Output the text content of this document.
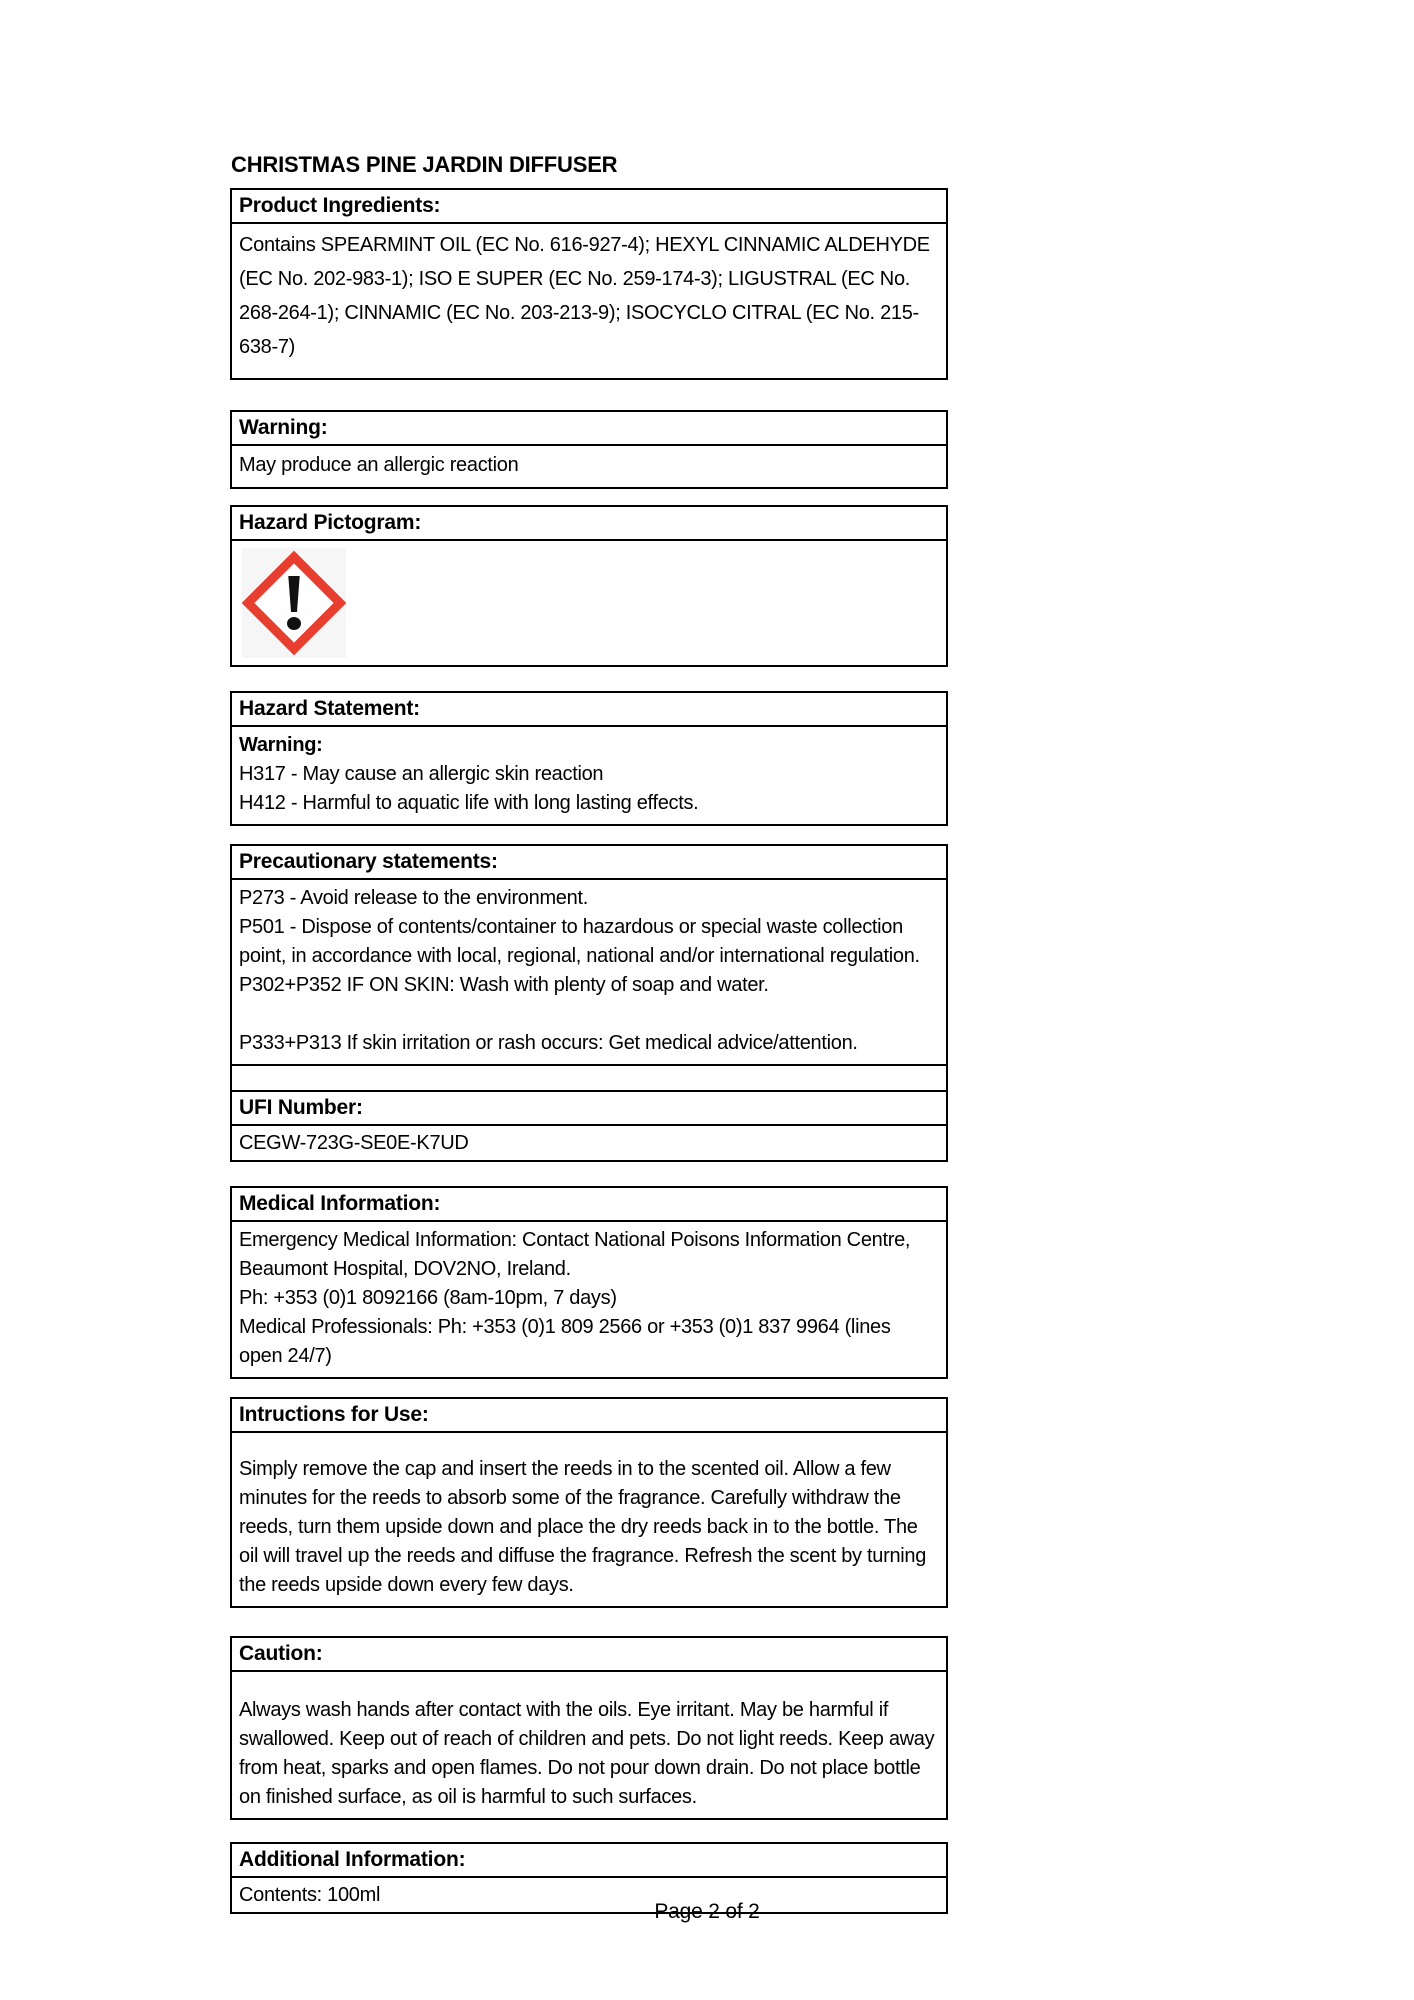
CHRISTMAS PINE JARDIN DIFFUSER
Product Ingredients:
Contains SPEARMINT OIL (EC No. 616-927-4); HEXYL CINNAMIC ALDEHYDE (EC No. 202-983-1); ISO E SUPER (EC No. 259-174-3); LIGUSTRAL (EC No. 268-264-1); CINNAMIC (EC No. 203-213-9); ISOCYCLO CITRAL (EC No. 215-638-7)
Warning:
May produce an allergic reaction
Hazard Pictogram:
Hazard Statement:

Warning:

H317 - May cause an allergic skin reaction

H412 - Harmful to aquatic life with long lasting effects.

Precautionary statements:

P273 - Avoid release to the environment.

P501 - Dispose of contents/container to hazardous or special waste collection point, in accordance with local, regional, national and/or international regulation.

P302+P352 IF ON SKIN: Wash with plenty of soap and water.

P333+P313 If skin irritation or rash occurs: Get medical advice/attention.

UFI Number:
CEGW-723G-SE0E-K7UD
Medical Information:

Emergency Medical Information: Contact National Poisons Information Centre, Beaumont Hospital, DOV2NO, Ireland.

Ph: +353 (0)1 8092166 (8am-10pm, 7 days)

Medical Professionals: Ph: +353 (0)1 809 2566 or +353 (0)1 837 9964 (lines open 24/7)

Intructions for Use:
Simply remove the cap and insert the reeds in to the scented oil. Allow a few minutes for the reeds to absorb some of the fragrance. Carefully withdraw the reeds, turn them upside down and place the dry reeds back in to the bottle. The oil will travel up the reeds and diffuse the fragrance. Refresh the scent by turning the reeds upside down every few days.
Caution:
Always wash hands after contact with the oils. Eye irritant. May be harmful if swallowed. Keep out of reach of children and pets. Do not light reeds. Keep away from heat, sparks and open flames. Do not pour down drain. Do not place bottle on finished surface, as oil is harmful to such surfaces.
Additional Information:
Contents: 100ml
Page 2 of 2
